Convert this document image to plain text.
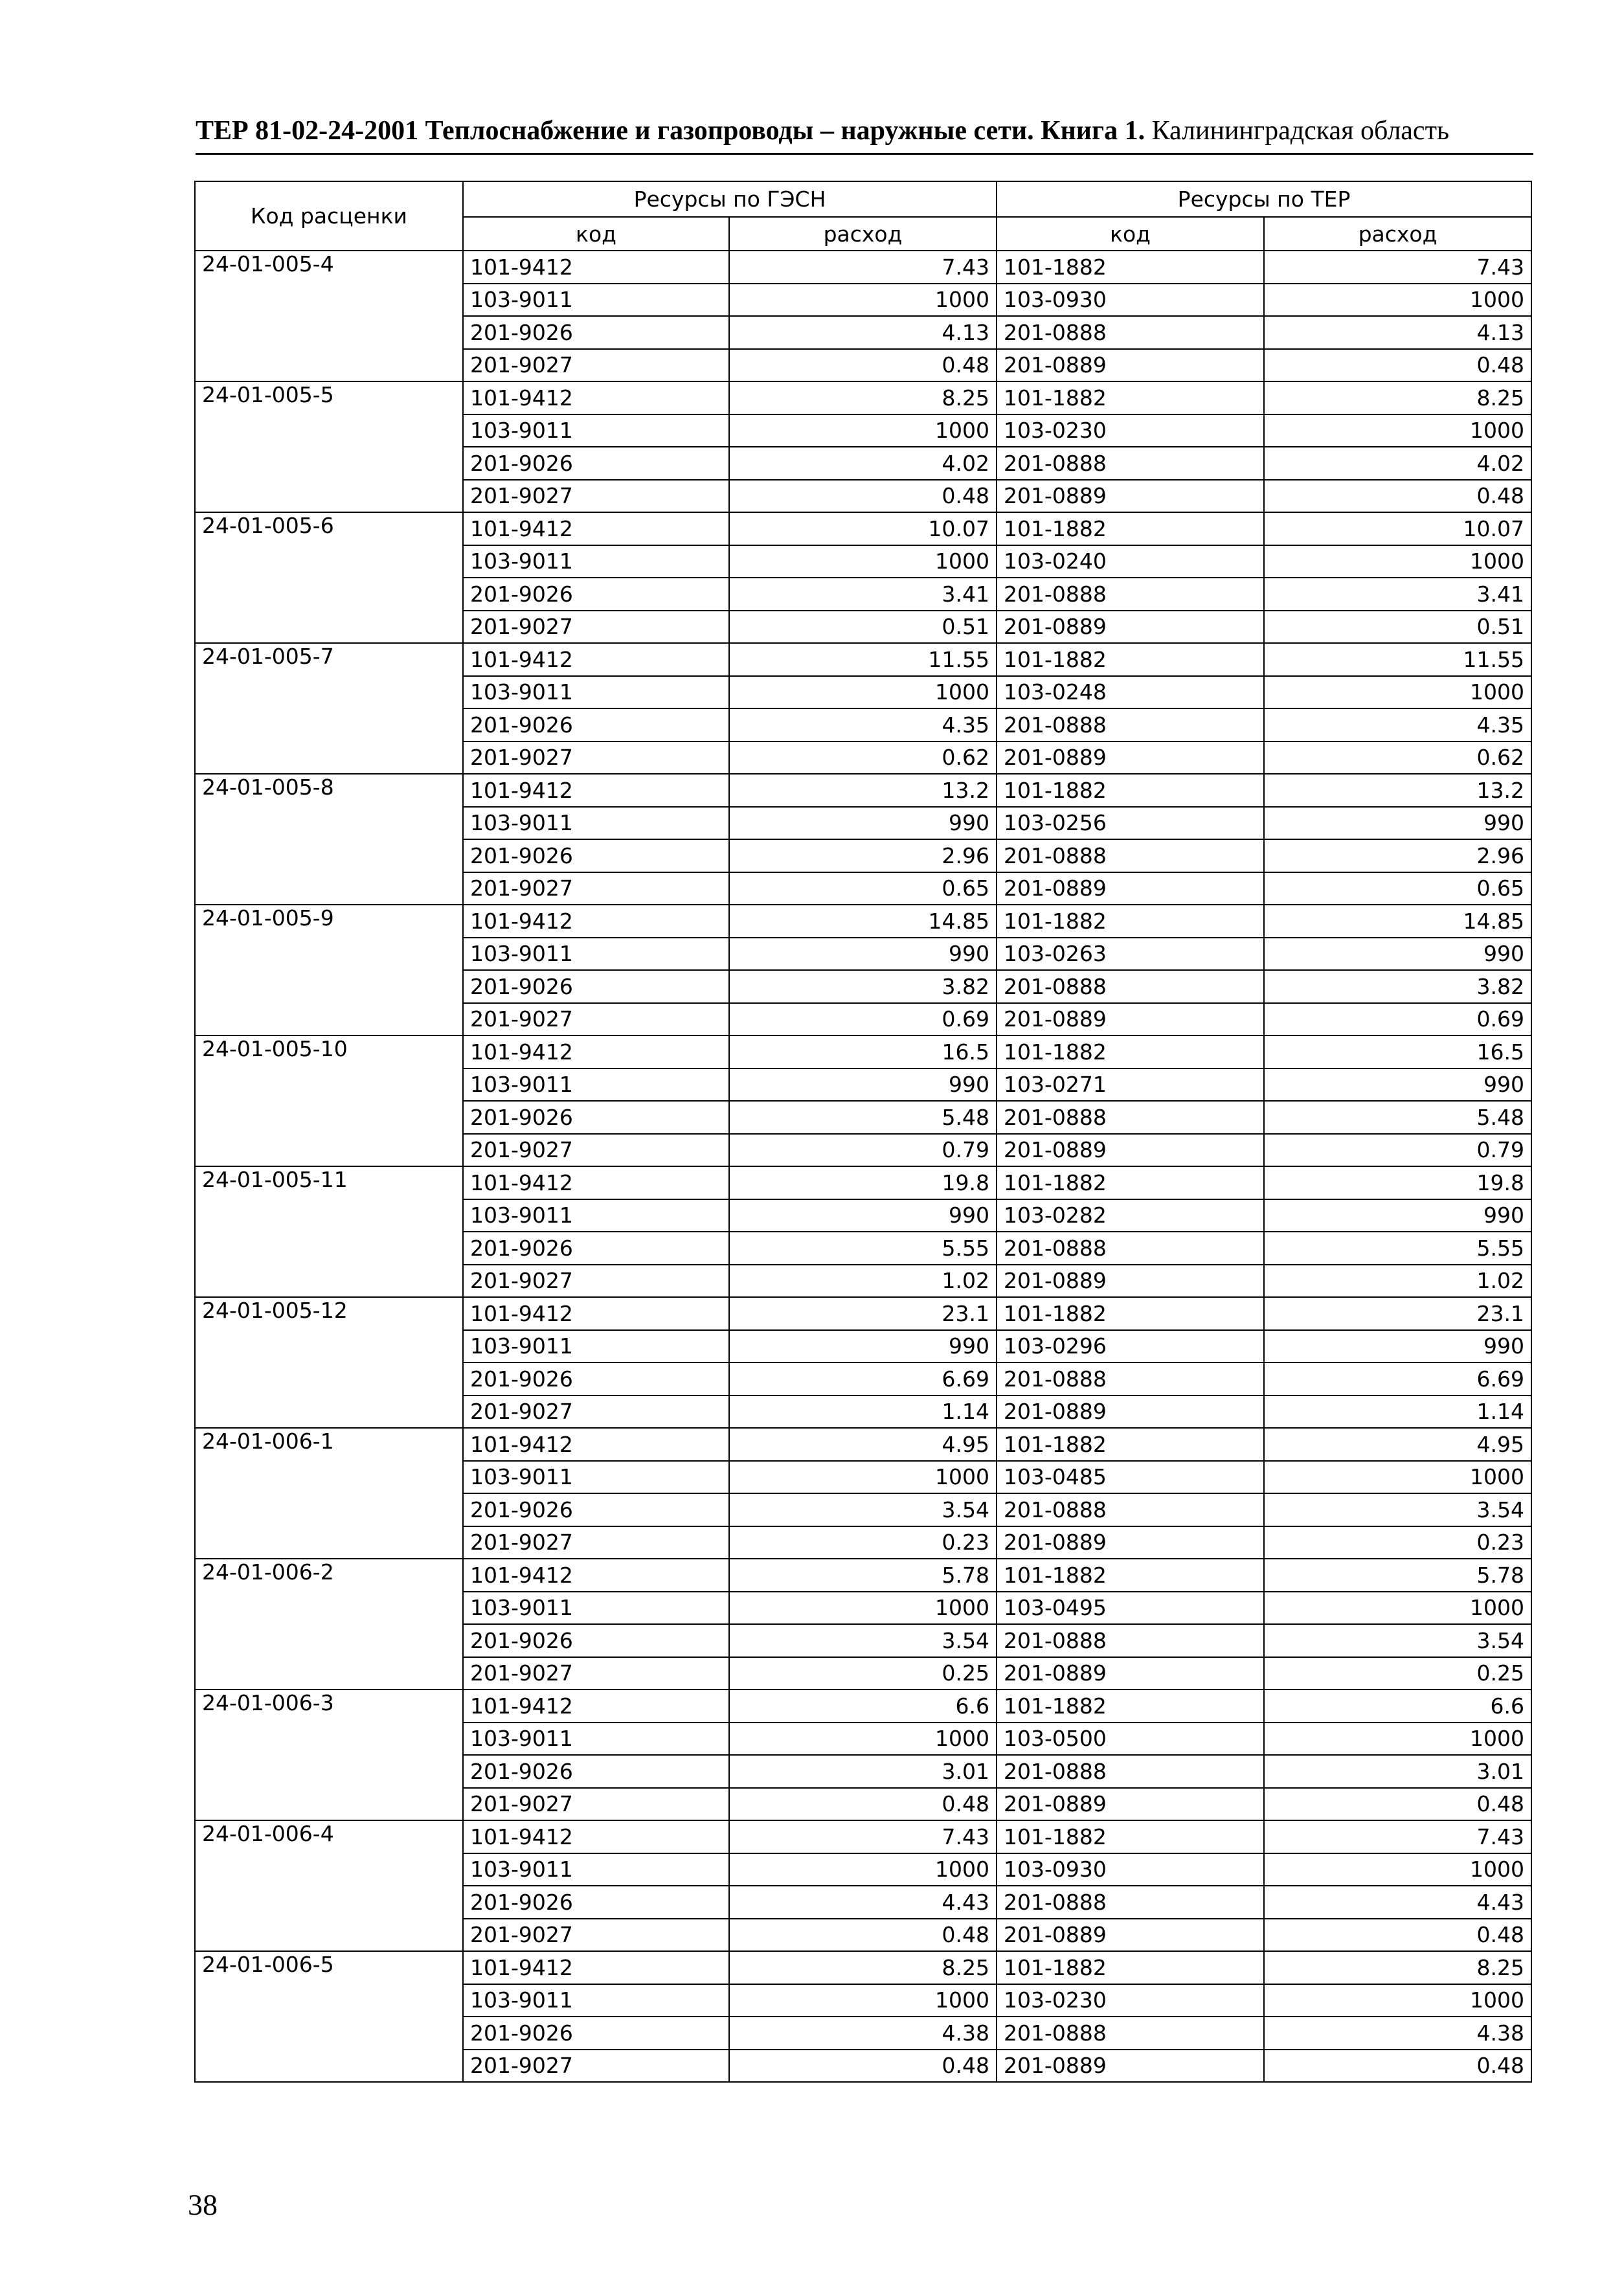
ТЕР 81-02-24-2001 Теплоснабжение и газопроводы – наружные сети. Книга 1. Калининградская область
Код расценки	Ресурсы по ГЭСН		Ресурсы по ТЕР	
	код	расход	код	расход
24-01-005-4	101-9412	7.43	101-1882	7.43
	103-9011	1000	103-0930	1000
	201-9026	4.13	201-0888	4.13
	201-9027	0.48	201-0889	0.48
24-01-005-5	101-9412	8.25	101-1882	8.25
	103-9011	1000	103-0230	1000
	201-9026	4.02	201-0888	4.02
	201-9027	0.48	201-0889	0.48
24-01-005-6	101-9412	10.07	101-1882	10.07
	103-9011	1000	103-0240	1000
	201-9026	3.41	201-0888	3.41
	201-9027	0.51	201-0889	0.51
24-01-005-7	101-9412	11.55	101-1882	11.55
	103-9011	1000	103-0248	1000
	201-9026	4.35	201-0888	4.35
	201-9027	0.62	201-0889	0.62
24-01-005-8	101-9412	13.2	101-1882	13.2
	103-9011	990	103-0256	990
	201-9026	2.96	201-0888	2.96
	201-9027	0.65	201-0889	0.65
24-01-005-9	101-9412	14.85	101-1882	14.85
	103-9011	990	103-0263	990
	201-9026	3.82	201-0888	3.82
	201-9027	0.69	201-0889	0.69
24-01-005-10	101-9412	16.5	101-1882	16.5
	103-9011	990	103-0271	990
	201-9026	5.48	201-0888	5.48
	201-9027	0.79	201-0889	0.79
24-01-005-11	101-9412	19.8	101-1882	19.8
	103-9011	990	103-0282	990
	201-9026	5.55	201-0888	5.55
	201-9027	1.02	201-0889	1.02
24-01-005-12	101-9412	23.1	101-1882	23.1
	103-9011	990	103-0296	990
	201-9026	6.69	201-0888	6.69
	201-9027	1.14	201-0889	1.14
24-01-006-1	101-9412	4.95	101-1882	4.95
	103-9011	1000	103-0485	1000
	201-9026	3.54	201-0888	3.54
	201-9027	0.23	201-0889	0.23
24-01-006-2	101-9412	5.78	101-1882	5.78
	103-9011	1000	103-0495	1000
	201-9026	3.54	201-0888	3.54
	201-9027	0.25	201-0889	0.25
24-01-006-3	101-9412	6.6	101-1882	6.6
	103-9011	1000	103-0500	1000
	201-9026	3.01	201-0888	3.01
	201-9027	0.48	201-0889	0.48
24-01-006-4	101-9412	7.43	101-1882	7.43
	103-9011	1000	103-0930	1000
	201-9026	4.43	201-0888	4.43
	201-9027	0.48	201-0889	0.48
24-01-006-5	101-9412	8.25	101-1882	8.25
	103-9011	1000	103-0230	1000
	201-9026	4.38	201-0888	4.38
	201-9027	0.48	201-0889	0.48
38
